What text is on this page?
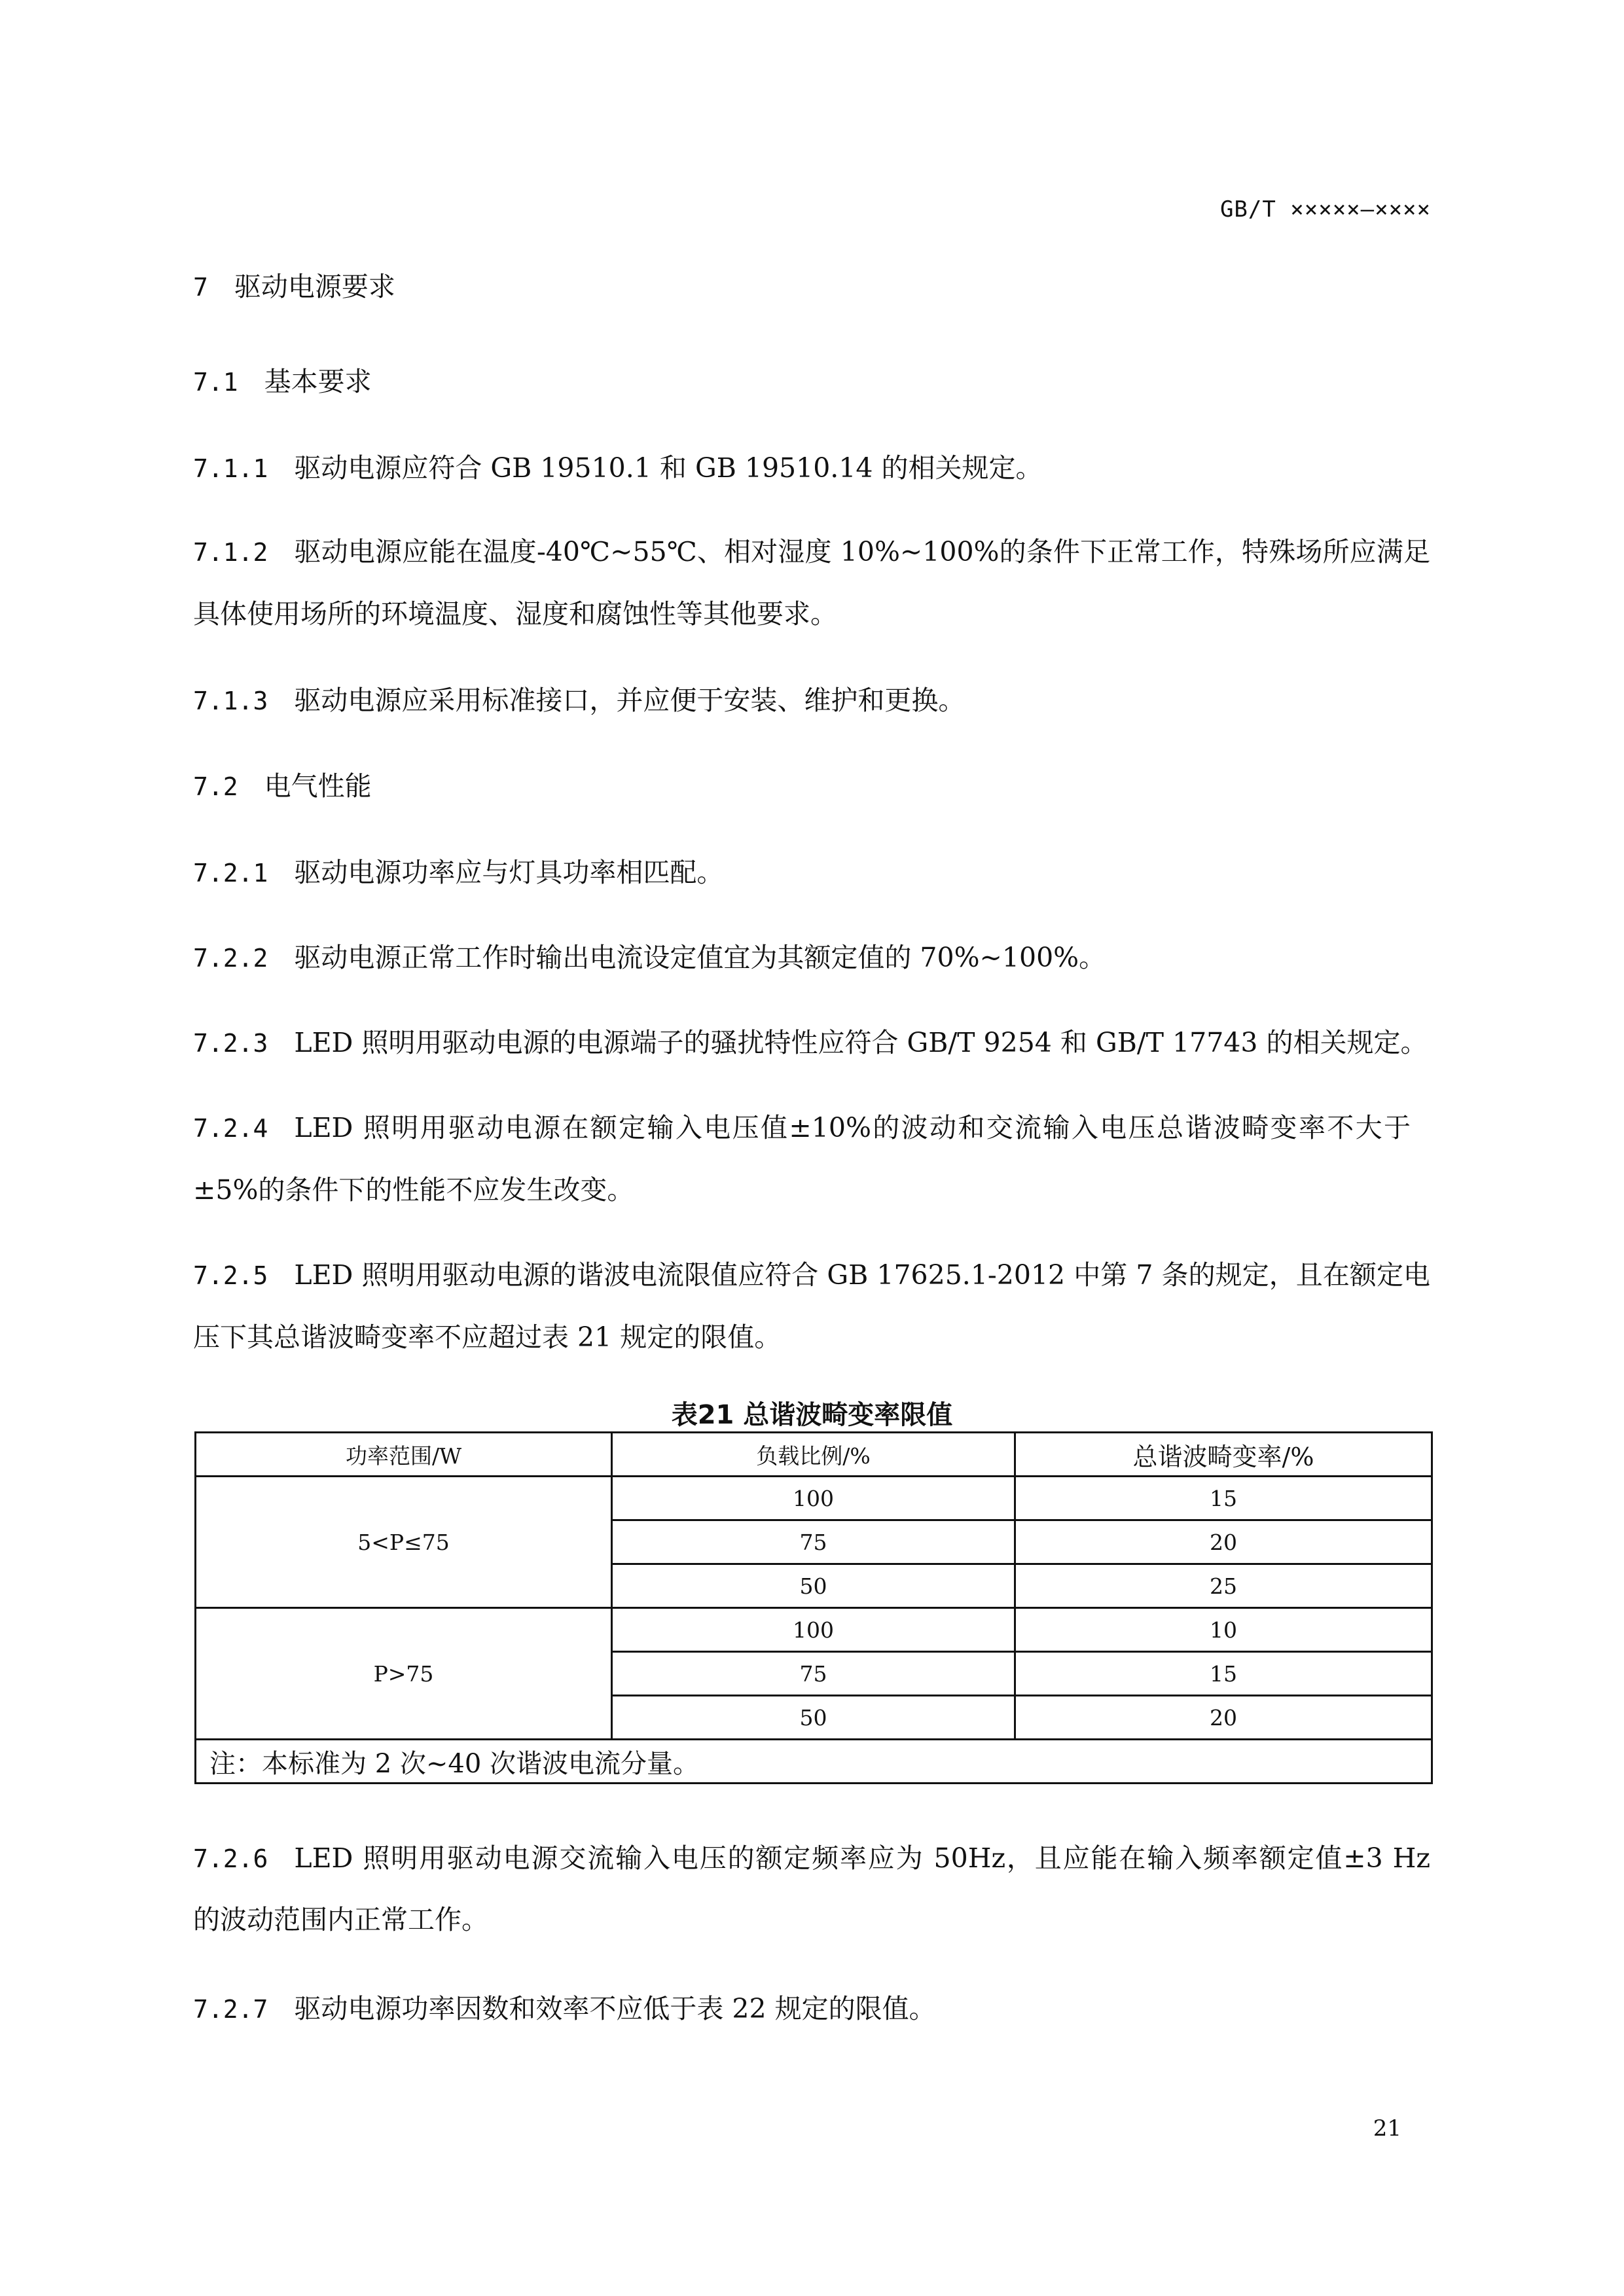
GB/T ×××××—××××
7 驱动电源要求
7.1 基本要求
7.1.1 驱动电源应符合 GB 19510.1 和 GB 19510.14 的相关规定。
7.1.2 驱动电源应能在温度-40℃~55℃、相对湿度 10%~100%的条件下正常工作，特殊场所应满足
具体使用场所的环境温度、湿度和腐蚀性等其他要求。
7.1.3 驱动电源应采用标准接口，并应便于安装、维护和更换。
7.2 电气性能
7.2.1 驱动电源功率应与灯具功率相匹配。
7.2.2 驱动电源正常工作时输出电流设定值宜为其额定值的 70%~100%。
7.2.3 LED 照明用驱动电源的电源端子的骚扰特性应符合 GB/T 9254 和 GB/T 17743 的相关规定。
7.2.4 LED 照明用驱动电源在额定输入电压值±10%的波动和交流输入电压总谐波畸变率不大于
±5%的条件下的性能不应发生改变。
7.2.5 LED 照明用驱动电源的谐波电流限值应符合 GB 17625.1-2012 中第 7 条的规定，且在额定电
压下其总谐波畸变率不应超过表 21 规定的限值。
表21 总谐波畸变率限值
功率范围/W	负载比例/%	总谐波畸变率/%
5<P≤75	100	15
	75	20
	50	25
P>75	100	10
	75	15
	50	20
注：本标准为 2 次~40 次谐波电流分量。		
7.2.6 LED 照明用驱动电源交流输入电压的额定频率应为 50Hz，且应能在输入频率额定值±3 Hz
的波动范围内正常工作。
7.2.7 驱动电源功率因数和效率不应低于表 22 规定的限值。
21
